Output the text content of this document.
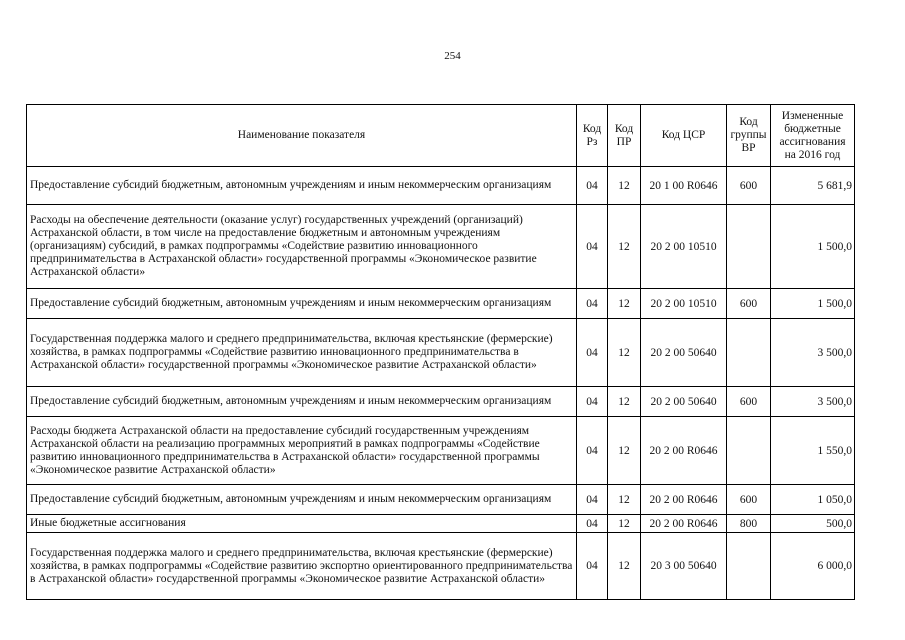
254
Наименование показателя	Код Рз	Код ПР	Код ЦСР	Код группы ВР	Измененные бюджетные ассигнования на 2016 год
Предоставление субсидий бюджетным, автономным учреждениям и иным некоммерческим организациям	04	12	20 1 00 R0646	600	5 681,9
Расходы на обеспечение деятельности (оказание услуг) государственных учреждений (организаций) Астраханской области, в том числе на предоставление бюджетным и автономным учреждениям (организациям) субсидий, в рамках подпрограммы «Содействие развитию инновационного предпринимательства в Астраханской области» государственной программы «Экономическое развитие Астраханской области»	04	12	20 2 00 10510		1 500,0
Предоставление субсидий бюджетным, автономным учреждениям и иным некоммерческим организациям	04	12	20 2 00 10510	600	1 500,0
Государственная поддержка малого и среднего предпринимательства, включая крестьянские (фермерские) хозяйства, в рамках подпрограммы «Содействие развитию инновационного предпринимательства в Астраханской области» государственной программы «Экономическое развитие Астраханской области»	04	12	20 2 00 50640		3 500,0
Предоставление субсидий бюджетным, автономным учреждениям и иным некоммерческим организациям	04	12	20 2 00 50640	600	3 500,0
Расходы бюджета Астраханской области на предоставление субсидий государственным учреждениям Астраханской области на реализацию программных мероприятий в рамках подпрограммы «Содействие развитию инновационного предпринимательства в Астраханской области» государственной программы «Экономическое развитие Астраханской области»	04	12	20 2 00 R0646		1 550,0
Предоставление субсидий бюджетным, автономным учреждениям и иным некоммерческим организациям	04	12	20 2 00 R0646	600	1 050,0
Иные бюджетные ассигнования	04	12	20 2 00 R0646	800	500,0
Государственная поддержка малого и среднего предпринимательства, включая крестьянские (фермерские) хозяйства, в рамках подпрограммы «Содействие развитию экспортно ориентированного предпринимательства в Астраханской области» государственной программы «Экономическое развитие Астраханской области»	04	12	20 3 00 50640		6 000,0
